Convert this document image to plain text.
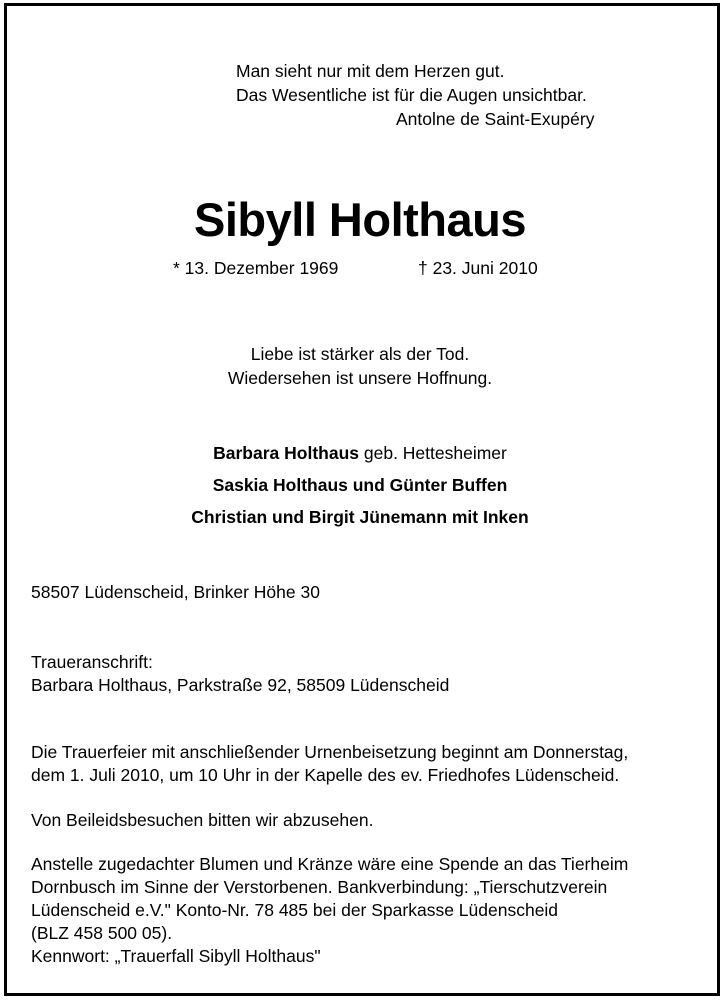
Man sieht nur mit dem Herzen gut.
Das Wesentliche ist für die Augen unsichtbar.
Antolne de Saint-Exupéry
Sibyll Holthaus
* 13. Dezember 1969	† 23. Juni 2010
Liebe ist stärker als der Tod.
Wiedersehen ist unsere Hoffnung.
Barbara Holthaus geb. Hettesheimer
Saskia Holthaus und Günter Buffen
Christian und Birgit Jünemann mit Inken
58507 Lüdenscheid, Brinker Höhe 30
Traueranschrift:
Barbara Holthaus, Parkstraße 92, 58509 Lüdenscheid
Die Trauerfeier mit anschließender Urnenbeisetzung beginnt am Donnerstag,
dem 1. Juli 2010, um 10 Uhr in der Kapelle des ev. Friedhofes Lüdenscheid.
Von Beileidsbesuchen bitten wir abzusehen.
Anstelle zugedachter Blumen und Kränze wäre eine Spende an das Tierheim
Dornbusch im Sinne der Verstorbenen. Bankverbindung: „Tierschutzverein
Lüdenscheid e.V." Konto-Nr. 78 485 bei der Sparkasse Lüdenscheid
(BLZ 458 500 05).
Kennwort: „Trauerfall Sibyll Holthaus"
